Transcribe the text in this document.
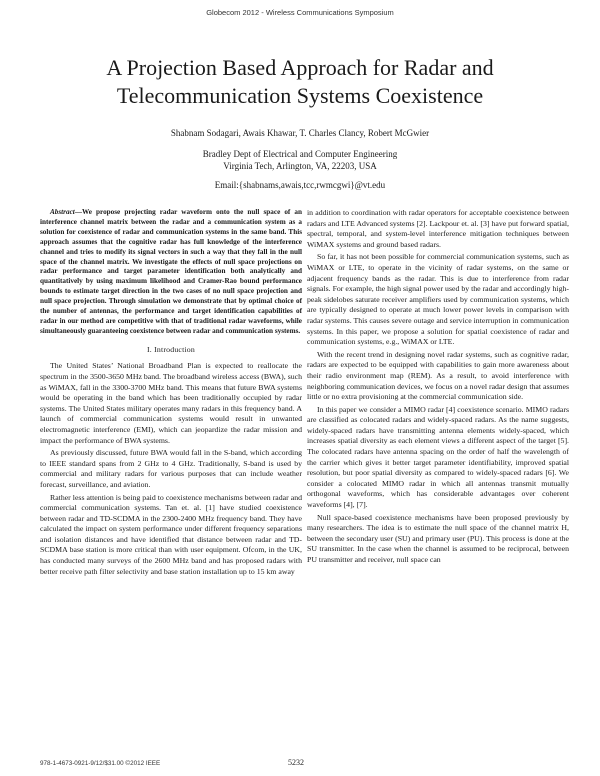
Globecom 2012 - Wireless Communications Symposium
A Projection Based Approach for Radar and
Telecommunication Systems Coexistence
Shabnam Sodagari, Awais Khawar, T. Charles Clancy, Robert McGwier
Bradley Dept of Electrical and Computer Engineering
Virginia Tech, Arlington, VA, 22203, USA
Email:{shabnams,awais,tcc,rwmcgwi}@vt.edu

Abstract—We propose projecting radar waveform onto the null space of an interference channel matrix between the radar and a communication system as a solution for coexistence of radar and communication systems in the same band. This approach assumes that the cognitive radar has full knowledge of the interference channel and tries to modify its signal vectors in such a way that they fall in the null space of the channel matrix. We investigate the effects of null space projections on radar performance and target parameter identification both analytically and quantitatively by using maximum likelihood and Cramer-Rao bound performance bounds to estimate target direction in the two cases of no null space projection and null space projection. Through simulation we demonstrate that by optimal choice of the number of antennas, the performance and target identification capabilities of radar in our method are competitive with that of traditional radar waveforms, while simultaneously guaranteeing coexistence between radar and communication systems.

I. Introduction

The United States’ National Broadband Plan is expected to reallocate the spectrum in the 3500-3650 MHz band. The broadband wireless access (BWA), such as WiMAX, fall in the 3300-3700 MHz band. This means that future BWA systems would be operating in the band which has been traditionally occupied by radar systems. The United States military operates many radars in this frequency band. A launch of commercial communication systems would result in unwanted electromagnetic interference (EMI), which can jeopardize the radar mission and impact the performance of BWA systems.

As previously discussed, future BWA would fall in the S-band, which according to IEEE standard spans from 2 GHz to 4 GHz. Traditionally, S-band is used by commercial and military radars for various purposes that can include weather forecast, surveillance, and aviation.

Rather less attention is being paid to coexistence mechanisms between radar and commercial communication systems. Tan et. al. [1] have studied coexistence between radar and TD-SCDMA in the 2300-2400 MHz frequency band. They have calculated the impact on system performance under different frequency separations and isolation distances and have identified that distance between radar and TD-SCDMA base station is more critical than with user equipment. Ofcom, in the UK, has conducted many surveys of the 2600 MHz band and has proposed radars with better receive path filter selectivity and base station installation up to 15 km away

in addition to coordination with radar operators for acceptable coexistence between radars and LTE Advanced systems [2]. Lackpour et. al. [3] have put forward spatial, spectral, temporal, and system-level interference mitigation techniques between WiMAX systems and ground based radars.

So far, it has not been possible for commercial communication systems, such as WiMAX or LTE, to operate in the vicinity of radar systems, on the same or adjacent frequency bands as the radar. This is due to interference from radar signals. For example, the high signal power used by the radar and accordingly high-peak sidelobes saturate receiver amplifiers used by communication systems, which are typically designed to operate at much lower power levels in comparison with radar systems. This causes severe outage and service interruption in communication systems. In this paper, we propose a solution for spatial coexistence of radar and communication systems, e.g., WiMAX or LTE.

With the recent trend in designing novel radar systems, such as cognitive radar, radars are expected to be equipped with capabilities to gain more awareness about their radio environment map (REM). As a result, to avoid interference with neighboring communication devices, we focus on a novel radar design that assumes little or no extra provisioning at the commercial communication side.

In this paper we consider a MIMO radar [4] coexistence scenario. MIMO radars are classified as colocated radars and widely-spaced radars. As the name suggests, widely-spaced radars have transmitting antenna elements widely-spaced, which increases spatial diversity as each element views a different aspect of the target [5]. The colocated radars have antenna spacing on the order of half the wavelength of the carrier which gives it better target parameter identifiability, improved spatial resolution, but poor spatial diversity as compared to widely-spaced radars [6]. We consider a colocated MIMO radar in which all antennas transmit mutually orthogonal waveforms, which has considerable advantages over coherent waveforms [4], [7].

Null space-based coexistence mechanisms have been proposed previously by many researchers. The idea is to estimate the null space of the channel matrix H, between the secondary user (SU) and primary user (PU). This process is done at the SU transmitter. In the case when the channel is assumed to be reciprocal, between PU transmitter and receiver, null space can

978-1-4673-0921-9/12/$31.00 ©2012 IEEE	5232
